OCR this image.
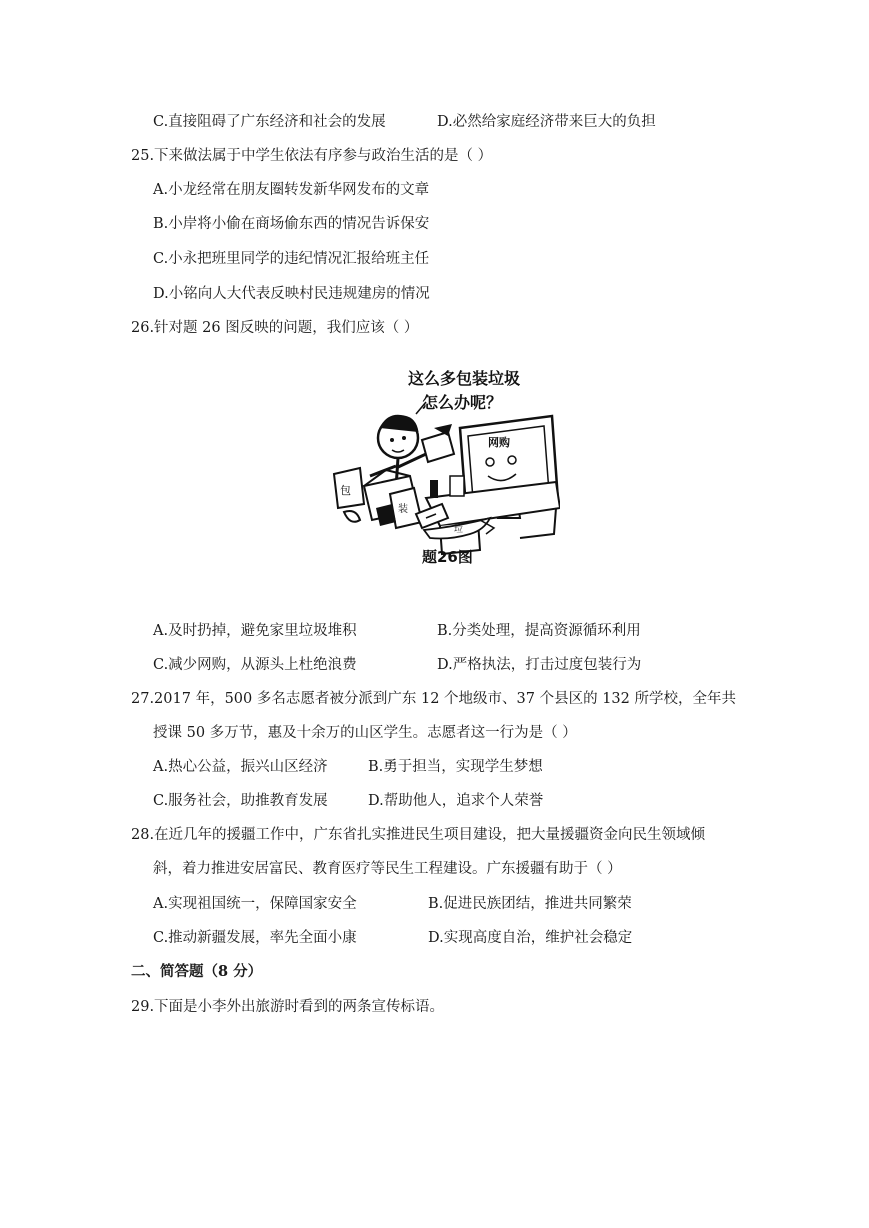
C.直接阻碍了广东经济和社会的发展	D.必然给家庭经济带来巨大的负担
25.下来做法属于中学生依法有序参与政治生活的是（ ）
A.小龙经常在朋友圈转发新华网发布的文章
B.小岸将小偷在商场偷东西的情况告诉保安
C.小永把班里同学的违纪情况汇报给班主任
D.小铭向人大代表反映村民违规建房的情况
26.针对题 26 图反映的问题，我们应该（ ）
这么多包装垃圾
怎么办呢？
网购
包
装
垃
题26图
A.及时扔掉，避免家里垃圾堆积	B.分类处理，提高资源循环利用
C.减少网购，从源头上杜绝浪费	D.严格执法，打击过度包装行为
27.2017 年，500 多名志愿者被分派到广东 12 个地级市、37 个县区的 132 所学校，全年共
授课 50 多万节，惠及十余万的山区学生。志愿者这一行为是（ ）
A.热心公益，振兴山区经济	B.勇于担当，实现学生梦想
C.服务社会，助推教育发展	D.帮助他人，追求个人荣誉
28.在近几年的援疆工作中，广东省扎实推进民生项目建设，把大量援疆资金向民生领域倾
斜，着力推进安居富民、教育医疗等民生工程建设。广东援疆有助于（ ）
A.实现祖国统一，保障国家安全	B.促进民族团结，推进共同繁荣
C.推动新疆发展，率先全面小康	D.实现高度自治，维护社会稳定
二、简答题（8 分）
29.下面是小李外出旅游时看到的两条宣传标语。
